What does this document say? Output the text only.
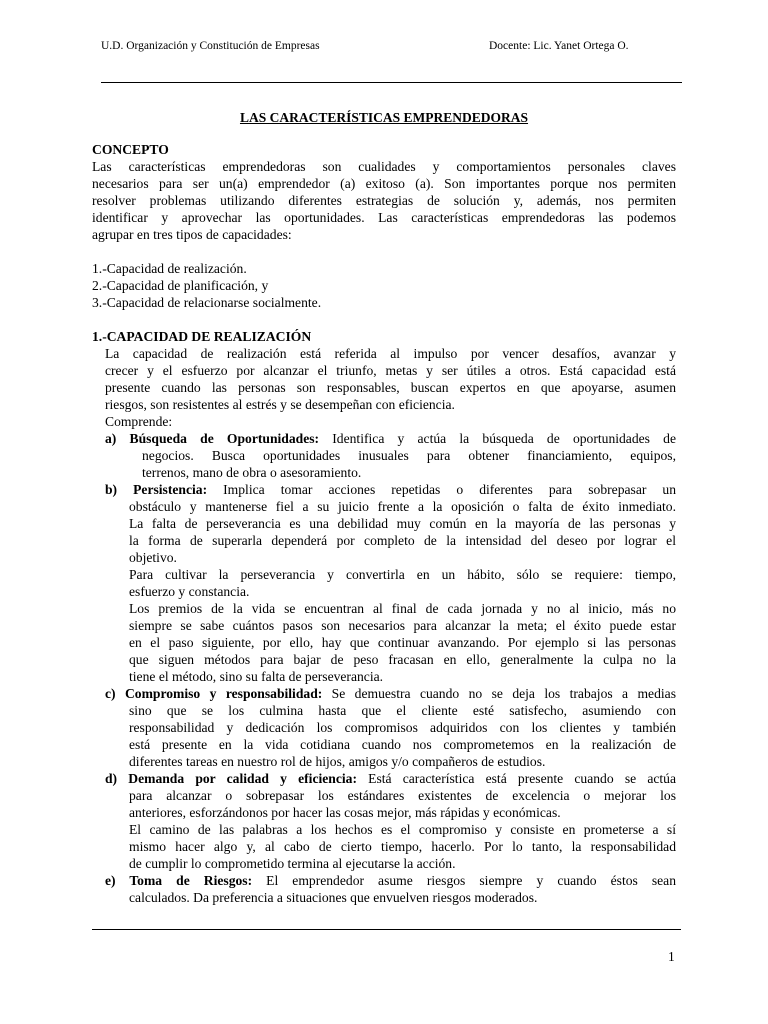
U.D. Organización y Constitución de Empresas	Docente: Lic. Yanet Ortega O.
LAS CARACTERÍSTICAS EMPRENDEDORAS

CONCEPTO

Las características emprendedoras son cualidades y comportamientos personales claves

necesarios para ser un(a) emprendedor (a) exitoso (a). Son importantes porque nos permiten

resolver problemas utilizando diferentes estrategias de solución y, además, nos permiten

identificar y aprovechar las oportunidades. Las características emprendedoras las podemos

agrupar en tres tipos de capacidades:

1.-Capacidad de realización.

2.-Capacidad de planificación, y

3.-Capacidad de relacionarse socialmente.

1.-CAPACIDAD DE REALIZACIÓN

La capacidad de realización está referida al impulso por vencer desafíos, avanzar y

crecer y el esfuerzo por alcanzar el triunfo, metas y ser útiles a otros. Está capacidad está

presente cuando las personas son responsables, buscan expertos en que apoyarse, asumen

riesgos, son resistentes al estrés y se desempeñan con eficiencia.

Comprende:

a) Búsqueda de Oportunidades: Identifica y actúa la búsqueda de oportunidades de

negocios. Busca oportunidades inusuales para obtener financiamiento, equipos,

terrenos, mano de obra o asesoramiento.

b) Persistencia: Implica tomar acciones repetidas o diferentes para sobrepasar un

obstáculo y mantenerse fiel a su juicio frente a la oposición o falta de éxito inmediato.

La falta de perseverancia es una debilidad muy común en la mayoría de las personas y

la forma de superarla dependerá por completo de la intensidad del deseo por lograr el

objetivo.

Para cultivar la perseverancia y convertirla en un hábito, sólo se requiere: tiempo,

esfuerzo y constancia.

Los premios de la vida se encuentran al final de cada jornada y no al inicio, más no

siempre se sabe cuántos pasos son necesarios para alcanzar la meta; el éxito puede estar

en el paso siguiente, por ello, hay que continuar avanzando. Por ejemplo si las personas

que siguen métodos para bajar de peso fracasan en ello, generalmente la culpa no la

tiene el método, sino su falta de perseverancia.

c) Compromiso y responsabilidad: Se demuestra cuando no se deja los trabajos a medias

sino que se los culmina hasta que el cliente esté satisfecho, asumiendo con

responsabilidad y dedicación los compromisos adquiridos con los clientes y también

está presente en la vida cotidiana cuando nos comprometemos en la realización de

diferentes tareas en nuestro rol de hijos, amigos y/o compañeros de estudios.

d) Demanda por calidad y eficiencia: Está característica está presente cuando se actúa

para alcanzar o sobrepasar los estándares existentes de excelencia o mejorar los

anteriores, esforzándonos por hacer las cosas mejor, más rápidas y económicas.

El camino de las palabras a los hechos es el compromiso y consiste en prometerse a sí

mismo hacer algo y, al cabo de cierto tiempo, hacerlo. Por lo tanto, la responsabilidad

de cumplir lo comprometido termina al ejecutarse la acción.

e) Toma de Riesgos: El emprendedor asume riesgos siempre y cuando éstos sean

calculados. Da preferencia a situaciones que envuelven riesgos moderados.

1
